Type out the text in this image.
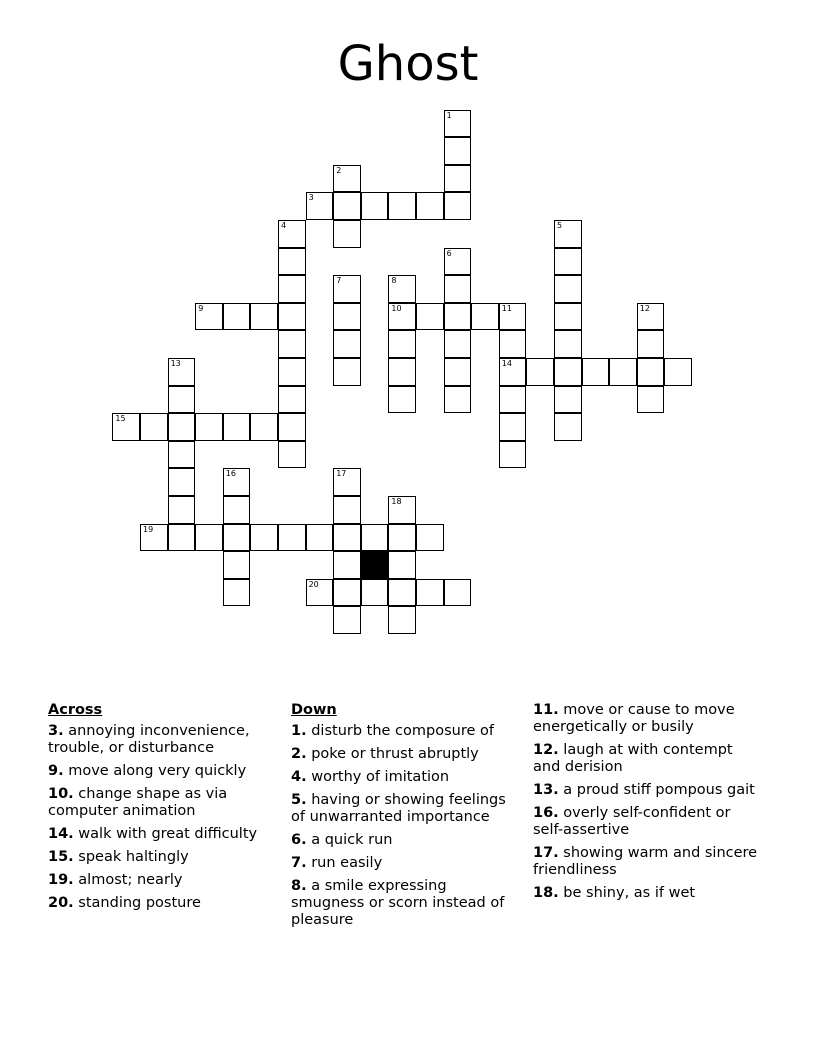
Ghost
1
2
3
4	5
6
7	8
9	10	11	12
13	14
15
16	17
18
19
20
Across
3. annoying inconvenience, trouble, or disturbance
9. move along very quickly
10. change shape as via computer animation
14. walk with great difficulty
15. speak haltingly
19. almost; nearly
20. standing posture
Down
1. disturb the composure of
2. poke or thrust abruptly
4. worthy of imitation
5. having or showing feelings of unwarranted importance
6. a quick run
7. run easily
8. a smile expressing smugness or scorn instead of pleasure
11. move or cause to move energetically or busily
12. laugh at with contempt and derision
13. a proud stiff pompous gait
16. overly self-confident or self-assertive
17. showing warm and sincere friendliness
18. be shiny, as if wet
